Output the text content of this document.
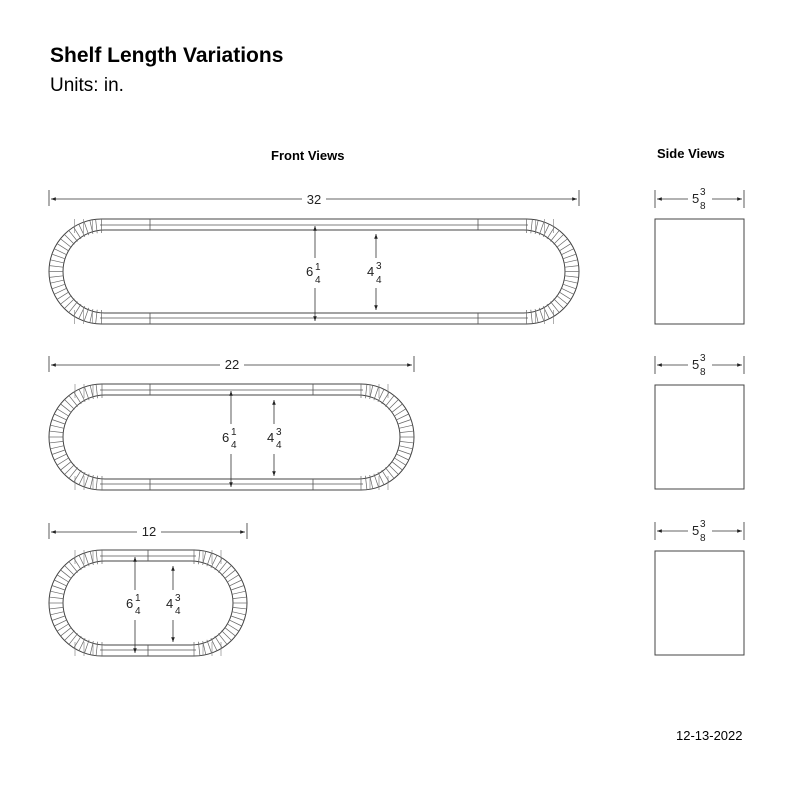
Shelf Length Variations
Units: in.
Front Views	Side Views
12-13-2022
32
6 1
4
4 3
4
22
6 1
4
4 3
4
12
6 1
4
4 3
4
5 3
8
5 3
8
5 3
8
